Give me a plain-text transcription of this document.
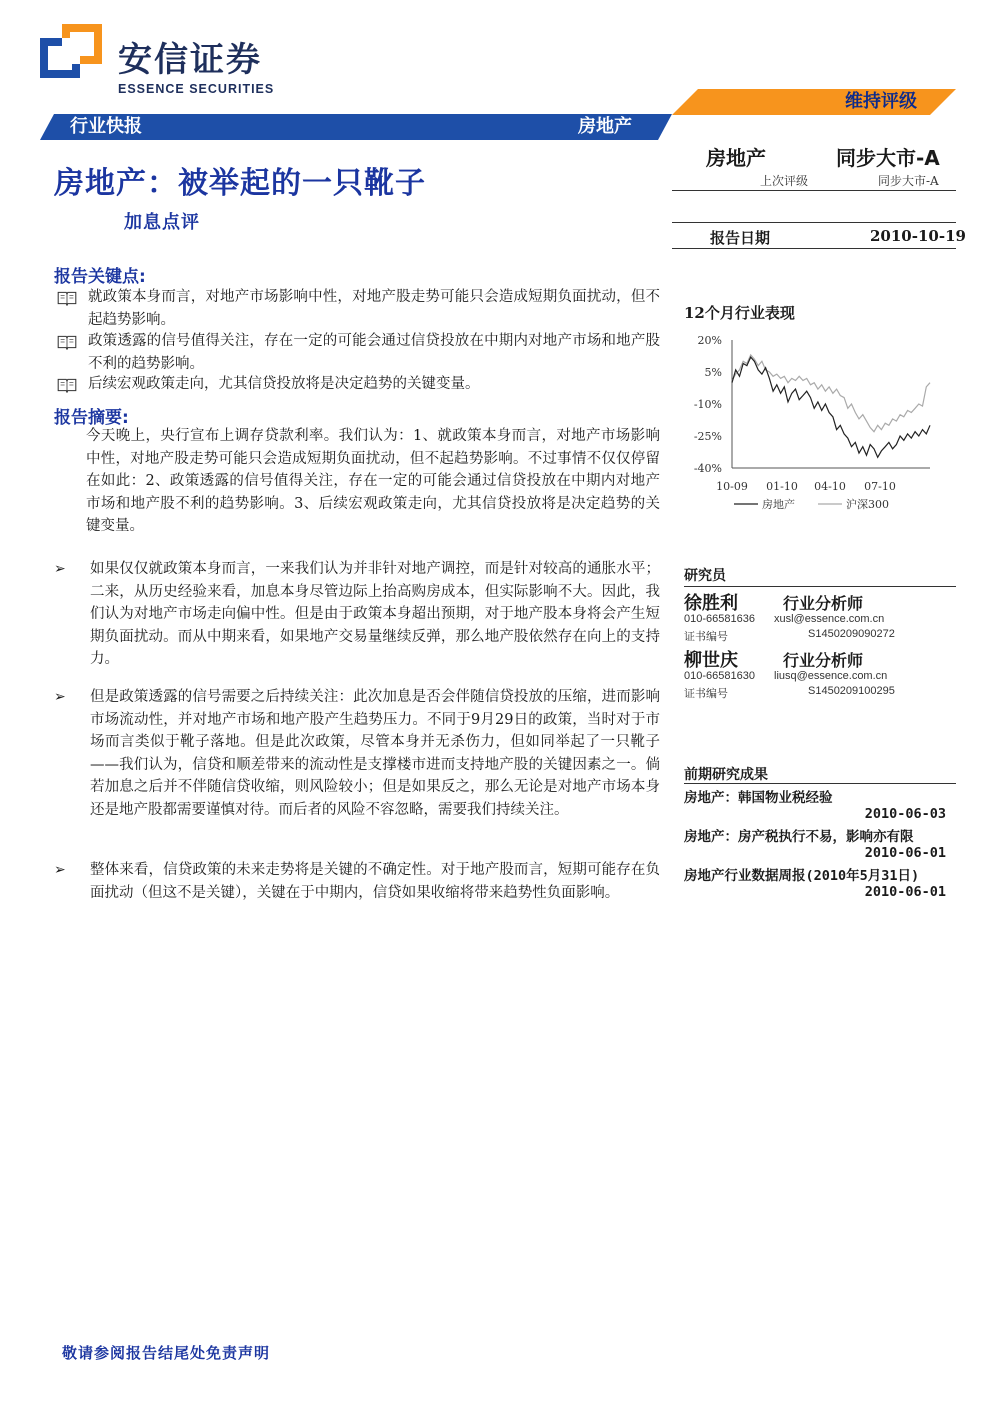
安信证券
ESSENCE SECURITIES
维持评级
行业快报	房地产
房地产：被举起的一只靴子
加息点评
房地产	同步大市-A
上次评级	同步大市-A
报告日期	2010-10-19
12个月行业表现
20%
5%
-10%
-25%
-40%
10-09 01-10 04-10 07-10
房地产	沪深300
研究员
徐胜利	行业分析师
010-66581636 xusl@essence.com.cn
证书编号	S1450209090272
柳世庆	行业分析师
010-66581630 liusq@essence.com.cn
证书编号	S1450209100295
前期研究成果
房地产：韩国物业税经验
2010-06-03
房地产：房产税执行不易，影响亦有限
2010-06-01
房地产行业数据周报(2010年5月31日)
2010-06-01
报告关键点:
就政策本身而言，对地产市场影响中性，对地产股走势可能只会造成短期负面扰动，但不起趋势影响。
政策透露的信号值得关注，存在一定的可能会通过信贷投放在中期内对地产市场和地产股不利的趋势影响。
后续宏观政策走向，尤其信贷投放将是决定趋势的关键变量。
报告摘要:
今天晚上，央行宣布上调存贷款利率。我们认为：1、就政策本身而言，对地产市场影响中性，对地产股走势可能只会造成短期负面扰动，但不起趋势影响。不过事情不仅仅停留在如此：2、政策透露的信号值得关注，存在一定的可能会通过信贷投放在中期内对地产市场和地产股不利的趋势影响。3、后续宏观政策走向，尤其信贷投放将是决定趋势的关键变量。
➢ 如果仅仅就政策本身而言，一来我们认为并非针对地产调控，而是针对较高的通胀水平；二来，从历史经验来看，加息本身尽管边际上抬高购房成本，但实际影响不大。因此，我们认为对地产市场走向偏中性。但是由于政策本身超出预期，对于地产股本身将会产生短期负面扰动。而从中期来看，如果地产交易量继续反弹，那么地产股依然存在向上的支持力。
➢ 但是政策透露的信号需要之后持续关注：此次加息是否会伴随信贷投放的压缩，进而影响市场流动性，并对地产市场和地产股产生趋势压力。不同于9月29日的政策，当时对于市场而言类似于靴子落地。但是此次政策，尽管本身并无杀伤力，但如同举起了一只靴子——我们认为，信贷和顺差带来的流动性是支撑楼市进而支持地产股的关键因素之一。倘若加息之后并不伴随信贷收缩，则风险较小；但是如果反之，那么无论是对地产市场本身还是地产股都需要谨慎对待。而后者的风险不容忽略，需要我们持续关注。
➢ 整体来看，信贷政策的未来走势将是关键的不确定性。对于地产股而言，短期可能存在负面扰动（但这不是关键），关键在于中期内，信贷如果收缩将带来趋势性负面影响。
敬请参阅报告结尾处免责声明
